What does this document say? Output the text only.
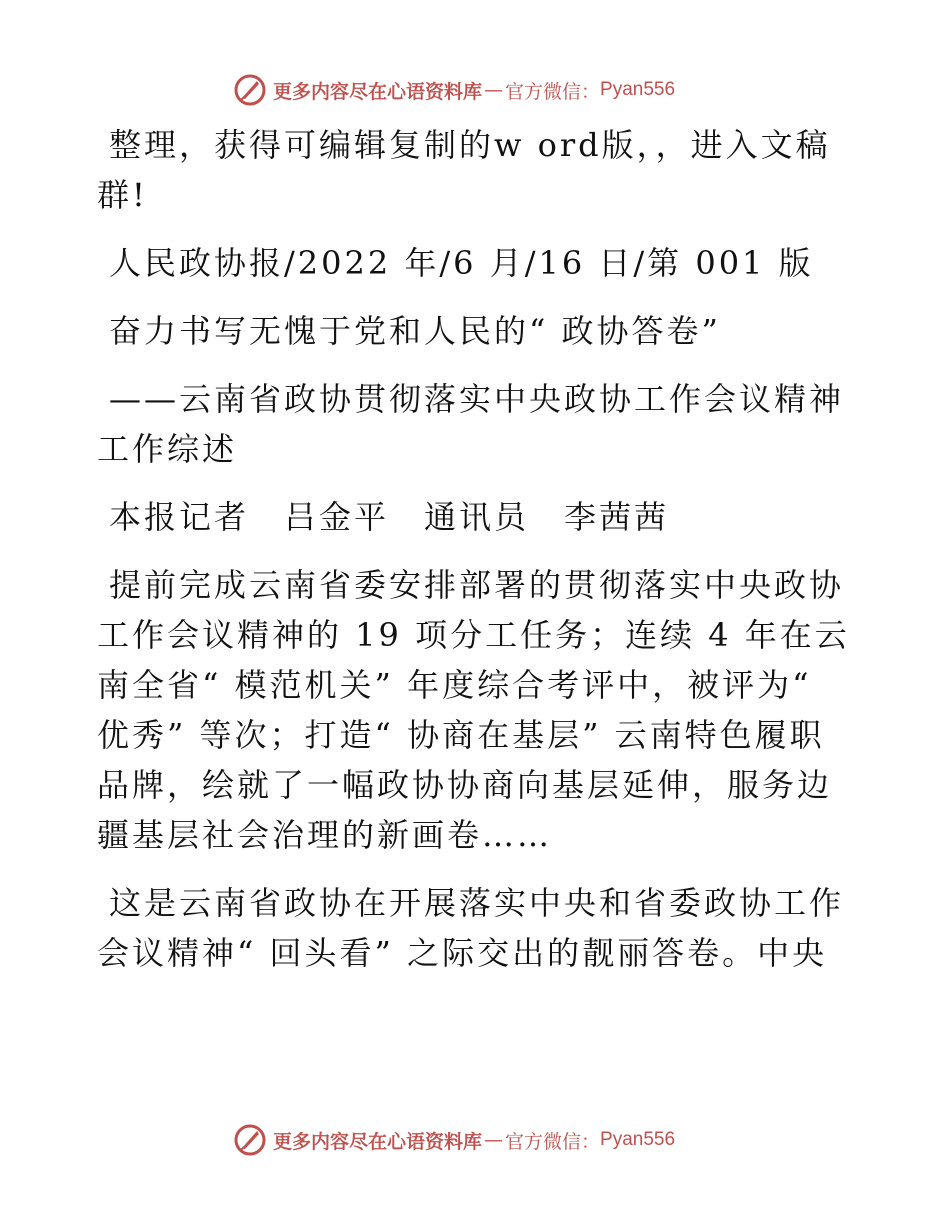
更多内容尽在心语资料库 — 官方微信： Pyan556

整理，获得可编辑复制的w ord版，，进入文稿群!

人民政协报/2022 年/6 月/16 日/第 001 版

奋力书写无愧于党和人民的“ 政协答卷”

——云南省政协贯彻落实中央政协工作会议精神工作综述

本报记者　吕金平　通讯员　李茜茜

提前完成云南省委安排部署的贯彻落实中央政协工作会议精神的 19 项分工任务；连续 4 年在云南全省“ 模范机关” 年度综合考评中，被评为“ 优秀” 等次；打造“ 协商在基层” 云南特色履职品牌，绘就了一幅政协协商向基层延伸，服务边疆基层社会治理的新画卷……

这是云南省政协在开展落实中央和省委政协工作会议精神“ 回头看” 之际交出的靓丽答卷。中央

更多内容尽在心语资料库 — 官方微信： Pyan556
